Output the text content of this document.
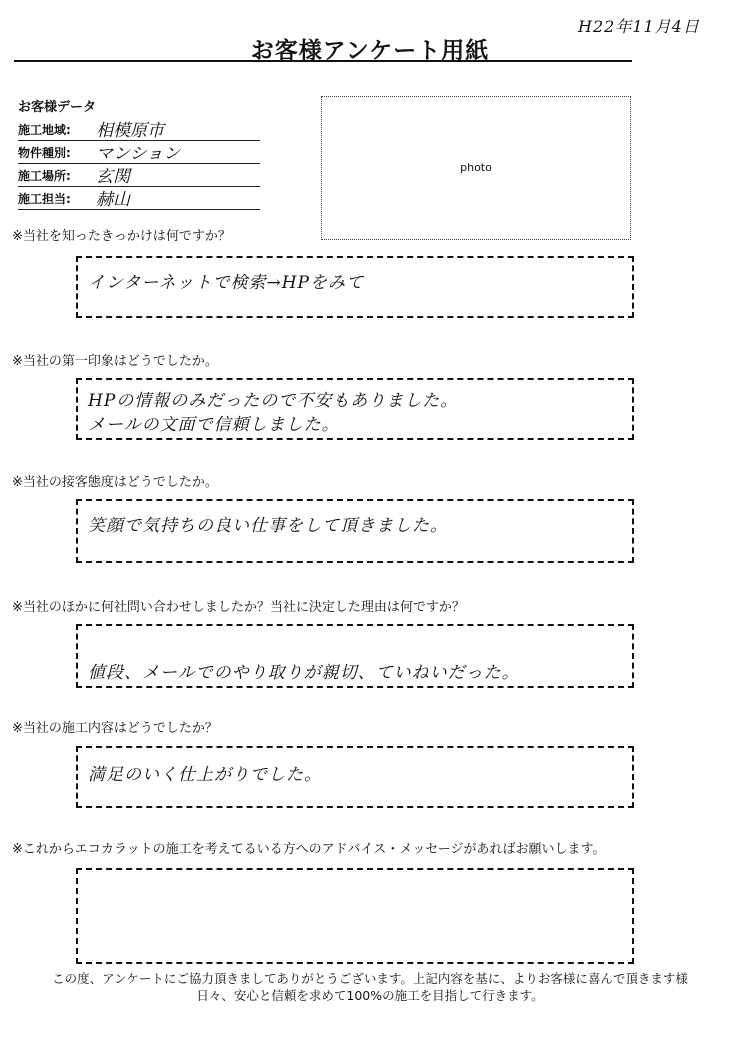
H22年11月4日
お客様アンケート用紙
お客様データ
施工地域: 相模原市
物件種別: マンション
施工場所: 玄関
施工担当: 赫山
photo
※当社を知ったきっかけは何ですか？
インターネットで検索→HPをみて
※当社の第一印象はどうでしたか。
HPの情報のみだったので不安もありました。
メールの文面で信頼しました。
※当社の接客態度はどうでしたか。
笑顔で気持ちの良い仕事をして頂きました。
※当社のほかに何社問い合わせしましたか？当社に決定した理由は何ですか？
値段、メールでのやり取りが親切、ていねいだった。
※当社の施工内容はどうでしたか？
満足のいく仕上がりでした。
※これからエコカラットの施工を考えてるいる方へのアドバイス・メッセージがあればお願いします。
この度、アンケートにご協力頂きましてありがとうございます。上記内容を基に、よりお客様に喜んで頂きます様
日々、安心と信頼を求めて100%の施工を目指して行きます。
